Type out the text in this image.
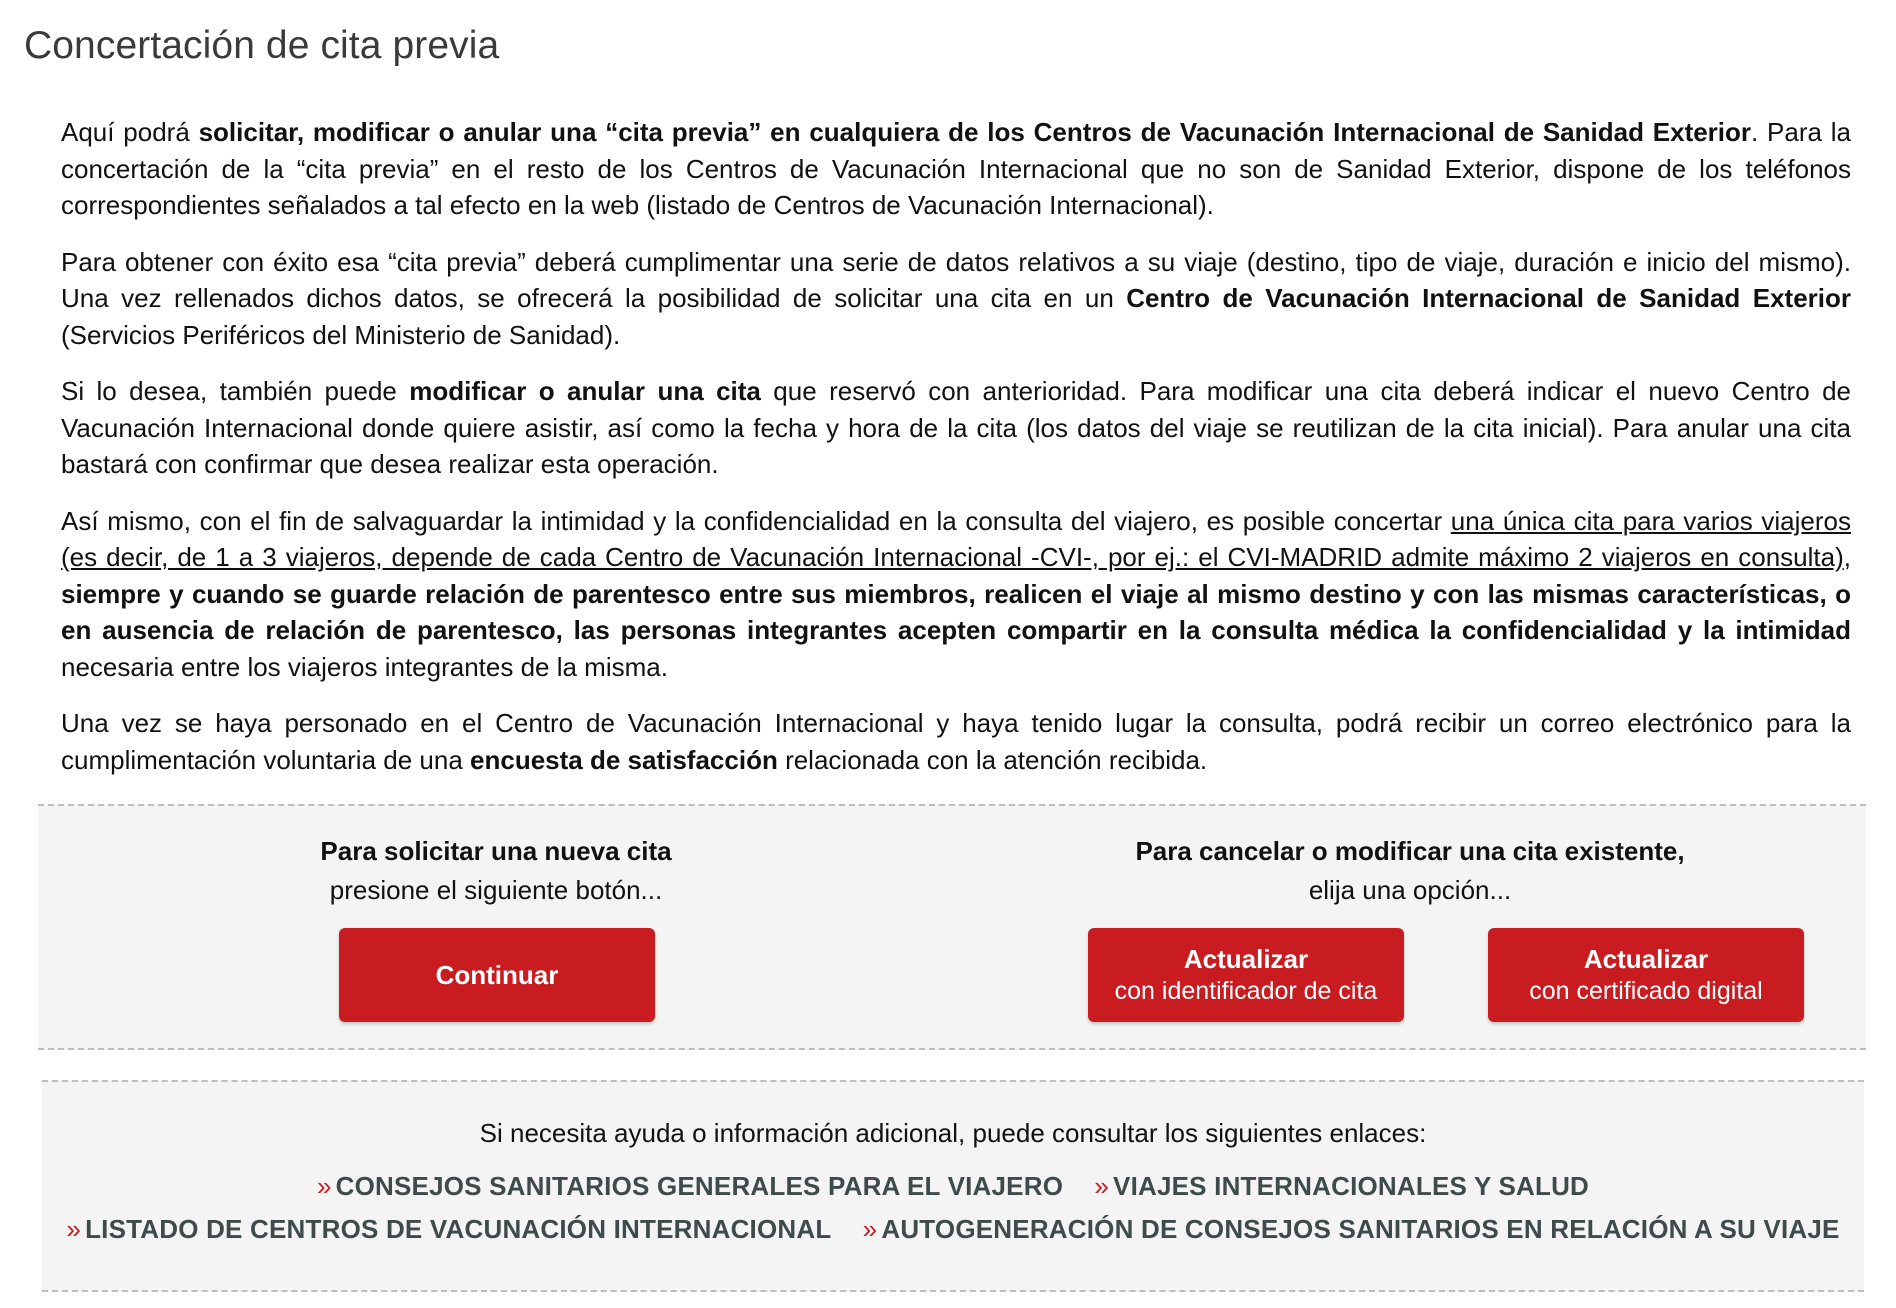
Concertación de cita previa

Aquí podrá solicitar, modificar o anular una “cita previa” en cualquiera de los Centros de Vacunación Internacional de Sanidad Exterior. Para la concertación de la “cita previa” en el resto de los Centros de Vacunación Internacional que no son de Sanidad Exterior, dispone de los teléfonos correspondientes señalados a tal efecto en la web (listado de Centros de Vacunación Internacional).

Para obtener con éxito esa “cita previa” deberá cumplimentar una serie de datos relativos a su viaje (destino, tipo de viaje, duración e inicio del mismo). Una vez rellenados dichos datos, se ofrecerá la posibilidad de solicitar una cita en un Centro de Vacunación Internacional de Sanidad Exterior (Servicios Periféricos del Ministerio de Sanidad).

Si lo desea, también puede modificar o anular una cita que reservó con anterioridad. Para modificar una cita deberá indicar el nuevo Centro de Vacunación Internacional donde quiere asistir, así como la fecha y hora de la cita (los datos del viaje se reutilizan de la cita inicial). Para anular una cita bastará con confirmar que desea realizar esta operación.

Así mismo, con el fin de salvaguardar la intimidad y la confidencialidad en la consulta del viajero, es posible concertar una única cita para varios viajeros (es decir, de 1 a 3 viajeros, depende de cada Centro de Vacunación Internacional -CVI-, por ej.: el CVI-MADRID admite máximo 2 viajeros en consulta), siempre y cuando se guarde relación de parentesco entre sus miembros, realicen el viaje al mismo destino y con las mismas características, o en ausencia de relación de parentesco, las personas integrantes acepten compartir en la consulta médica la confidencialidad y la intimidad necesaria entre los viajeros integrantes de la misma.

Una vez se haya personado en el Centro de Vacunación Internacional y haya tenido lugar la consulta, podrá recibir un correo electrónico para la cumplimentación voluntaria de una encuesta de satisfacción relacionada con la atención recibida.

Para solicitar una nueva cita
presione el siguiente botón...
Continuar
Para cancelar o modificar una cita existente,
elija una opción...
Actualizar
con identificador de cita
Actualizar
con certificado digital
Si necesita ayuda o información adicional, puede consultar los siguientes enlaces:
» CONSEJOS SANITARIOS GENERALES PARA EL VIAJERO » VIAJES INTERNACIONALES Y SALUD
» LISTADO DE CENTROS DE VACUNACIÓN INTERNACIONAL » AUTOGENERACIÓN DE CONSEJOS SANITARIOS EN RELACIÓN A SU VIAJE
